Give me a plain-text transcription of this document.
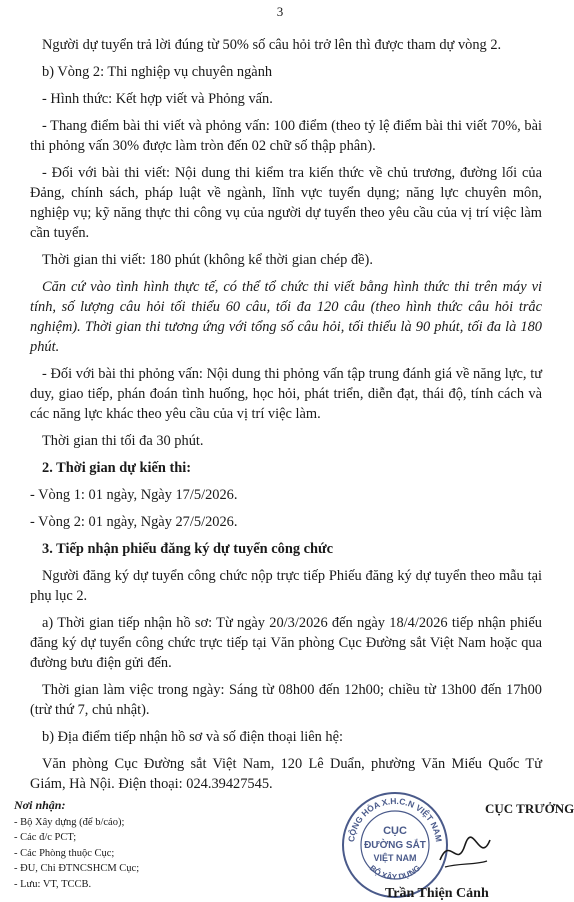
3

Người dự tuyển trả lời đúng từ 50% số câu hỏi trở lên thì được tham dự vòng 2.

b) Vòng 2: Thi nghiệp vụ chuyên ngành

- Hình thức: Kết hợp viết và Phỏng vấn.

- Thang điểm bài thi viết và phỏng vấn: 100 điểm (theo tỷ lệ điểm bài thi viết 70%, bài thi phỏng vấn 30% được làm tròn đến 02 chữ số thập phân).

- Đối với bài thi viết: Nội dung thi kiểm tra kiến thức về chủ trương, đường lối của Đảng, chính sách, pháp luật về ngành, lĩnh vực tuyển dụng; năng lực chuyên môn, nghiệp vụ; kỹ năng thực thi công vụ của người dự tuyển theo yêu cầu của vị trí việc làm cần tuyển.

Thời gian thi viết: 180 phút (không kể thời gian chép đề).

Căn cứ vào tình hình thực tế, có thể tổ chức thi viết bằng hình thức thi trên máy vi tính, số lượng câu hỏi tối thiểu 60 câu, tối đa 120 câu (theo hình thức câu hỏi trắc nghiệm). Thời gian thi tương ứng với tổng số câu hỏi, tối thiểu là 90 phút, tối đa là 180 phút.

- Đối với bài thi phỏng vấn: Nội dung thi phỏng vấn tập trung đánh giá về năng lực, tư duy, giao tiếp, phán đoán tình huống, học hỏi, phát triển, diễn đạt, thái độ, tính cách và các năng lực khác theo yêu cầu của vị trí việc làm.

Thời gian thi tối đa 30 phút.

2. Thời gian dự kiến thi:

- Vòng 1: 01 ngày, Ngày 17/5/2026.

- Vòng 2: 01 ngày, Ngày 27/5/2026.

3. Tiếp nhận phiếu đăng ký dự tuyển công chức

Người đăng ký dự tuyển công chức nộp trực tiếp Phiếu đăng ký dự tuyển theo mẫu tại phụ lục 2.

a) Thời gian tiếp nhận hồ sơ: Từ ngày 20/3/2026 đến ngày 18/4/2026 tiếp nhận phiếu đăng ký dự tuyển công chức trực tiếp tại Văn phòng Cục Đường sắt Việt Nam hoặc qua đường bưu điện gửi đến.

Thời gian làm việc trong ngày: Sáng từ 08h00 đến 12h00; chiều từ 13h00 đến 17h00 (trừ thứ 7, chủ nhật).

b) Địa điểm tiếp nhận hồ sơ và số điện thoại liên hệ:

Văn phòng Cục Đường sắt Việt Nam, 120 Lê Duẩn, phường Văn Miếu Quốc Tử Giám, Hà Nội. Điện thoại: 024.39427545.

Nơi nhận:
- Bộ Xây dựng (để b/cáo);
- Các đ/c PCT;
- Các Phòng thuộc Cục;
- ĐU, Chi ĐTNCSHCM Cục;
- Lưu: VT, TCCB.
CỘNG HÒA X.H.C.N VIỆT NAM
BỘ XÂY DỰNG
CỤC
ĐƯỜNG SẮT
VIỆT NAM
CỤC TRƯỞNG
Trần Thiện Cảnh
